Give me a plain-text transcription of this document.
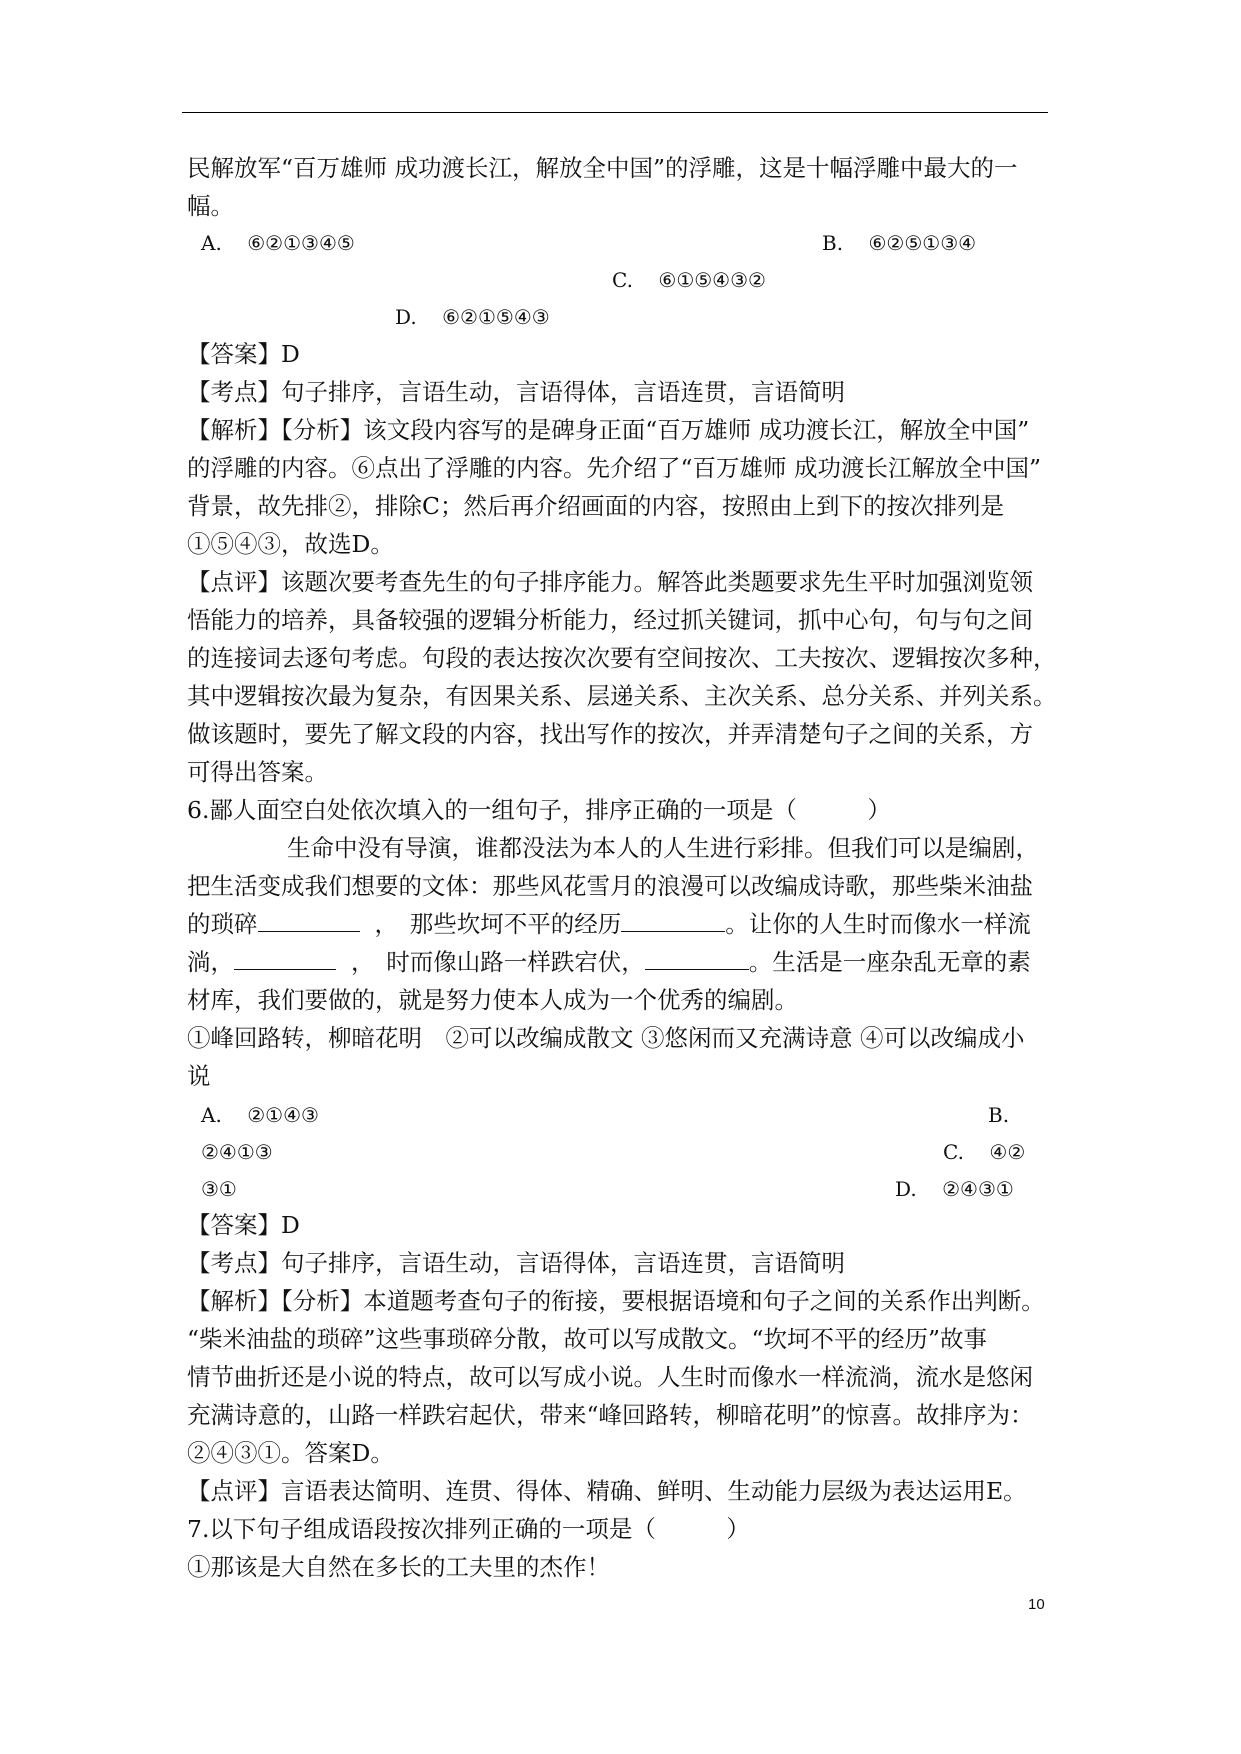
民解放军“百万雄师 成功渡长江，解放全中国”的浮雕，这是十幅浮雕中最大的一
幅。
A. ⑥②①③④⑤	B. ⑥②⑤①③④
C. ⑥①⑤④③②
D. ⑥②①⑤④③
【答案】D
【考点】句子排序，言语生动，言语得体，言语连贯，言语简明
【解析】【分析】该文段内容写的是碑身正面“百万雄师 成功渡长江，解放全中国”
的浮雕的内容。⑥点出了浮雕的内容。先介绍了“百万雄师 成功渡长江解放全中国”
背景，故先排②，排除C；然后再介绍画面的内容，按照由上到下的按次排列是
①⑤④③，故选D。
【点评】该题次要考查先生的句子排序能力。解答此类题要求先生平时加强浏览领
悟能力的培养，具备较强的逻辑分析能力，经过抓关键词，抓中心句，句与句之间
的连接词去逐句考虑。句段的表达按次次要有空间按次、工夫按次、逻辑按次多种，
其中逻辑按次最为复杂，有因果关系、层递关系、主次关系、总分关系、并列关系。
做该题时，要先了解文段的内容，找出写作的按次，并弄清楚句子之间的关系，方
可得出答案。
6.鄙人面空白处依次填入的一组句子，排序正确的一项是（　　　）
生命中没有导演，谁都没法为本人的人生进行彩排。但我们可以是编剧，
把生活变成我们想要的文体：那些风花雪月的浪漫可以改编成诗歌，那些柴米油盐
的琐碎	，　那些坎坷不平的经历	。让你的人生时而像水一样流
淌，	，　时而像山路一样跌宕伏，	。生活是一座杂乱无章的素
材库，我们要做的，就是努力使本人成为一个优秀的编剧。
①峰回路转，柳暗花明　②可以改编成散文 ③悠闲而又充满诗意 ④可以改编成小
说
A. ②①④③	B.
②④①③	C. ④②
③①	D. ②④③①
【答案】D
【考点】句子排序，言语生动，言语得体，言语连贯，言语简明
【解析】【分析】本道题考查句子的衔接，要根据语境和句子之间的关系作出判断。
“柴米油盐的琐碎”这些事琐碎分散，故可以写成散文。“坎坷不平的经历”故事
情节曲折还是小说的特点，故可以写成小说。人生时而像水一样流淌，流水是悠闲
充满诗意的，山路一样跌宕起伏，带来“峰回路转，柳暗花明”的惊喜。故排序为：
②④③①。答案D。
【点评】言语表达简明、连贯、得体、精确、鲜明、生动能力层级为表达运用E。
7.以下句子组成语段按次排列正确的一项是（　　　）
①那该是大自然在多长的工夫里的杰作！
10
